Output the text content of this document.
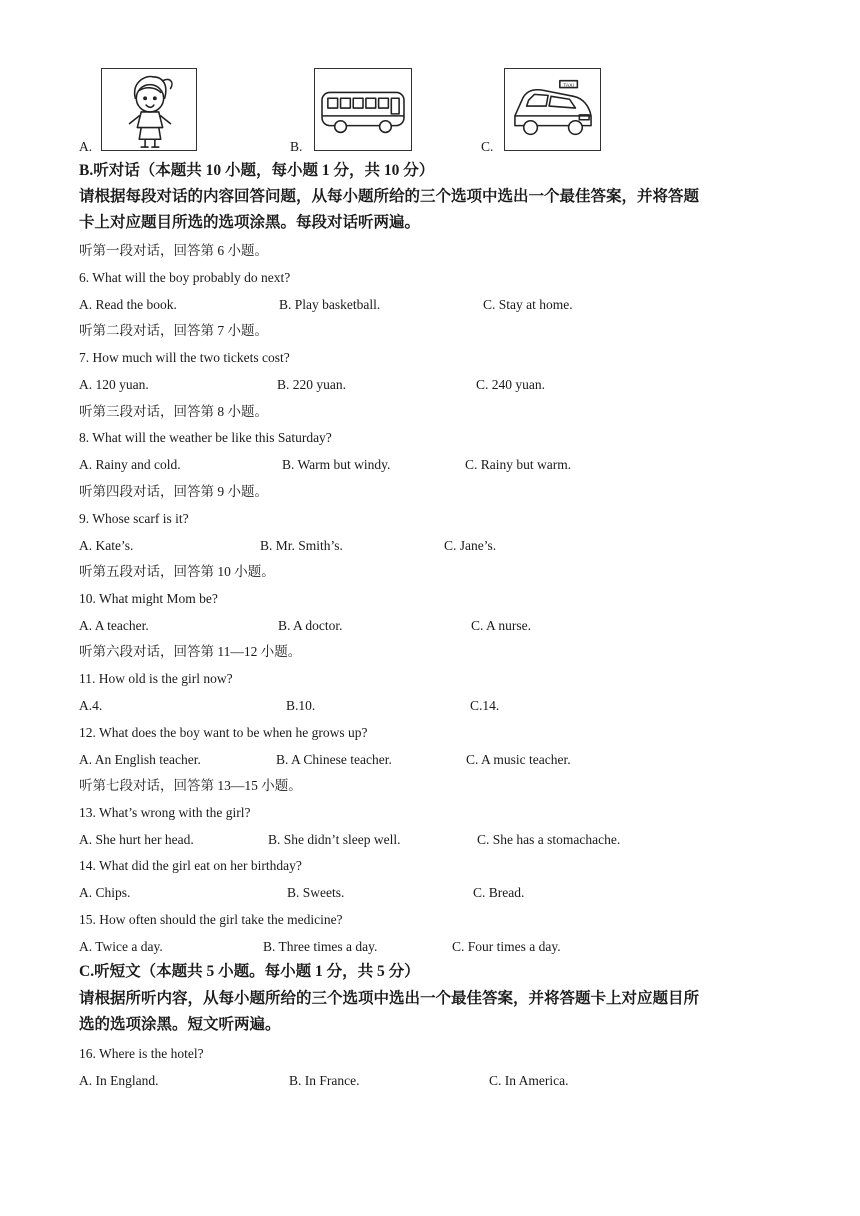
A.	B.	C.
TAXI
B.听对话（本题共 10 小题，每小题 1 分，共 10 分）
请根据每段对话的内容回答问题，从每小题所给的三个选项中选出一个最佳答案，并将答题
卡上对应题目所选的选项涂黑。每段对话听两遍。
听第一段对话，回答第 6 小题。
6. What will the boy probably do next?
A. Read the book.	B. Play basketball.	C. Stay at home.
听第二段对话，回答第 7 小题。
7. How much will the two tickets cost?
A. 120 yuan.	B. 220 yuan.	C. 240 yuan.
听第三段对话，回答第 8 小题。
8. What will the weather be like this Saturday?
A. Rainy and cold.	B. Warm but windy.	C. Rainy but warm.
听第四段对话，回答第 9 小题。
9. Whose scarf is it?
A. Kate’s.	B. Mr. Smith’s.	C. Jane’s.
听第五段对话，回答第 10 小题。
10. What might Mom be?
A. A teacher.	B. A doctor.	C. A nurse.
听第六段对话，回答第 11—12 小题。
11. How old is the girl now?
A.4.	B.10.	C.14.
12. What does the boy want to be when he grows up?
A. An English teacher.	B. A Chinese teacher.	C. A music teacher.
听第七段对话，回答第 13—15 小题。
13. What’s wrong with the girl?
A. She hurt her head.	B. She didn’t sleep well.	C. She has a stomachache.
14. What did the girl eat on her birthday?
A. Chips.	B. Sweets.	C. Bread.
15. How often should the girl take the medicine?
A. Twice a day.	B. Three times a day.	C. Four times a day.
C.听短文（本题共 5 小题。每小题 1 分，共 5 分）
请根据所听内容，从每小题所给的三个选项中选出一个最佳答案，并将答题卡上对应题目所
选的选项涂黑。短文听两遍。
16. Where is the hotel?
A. In England.	B. In France.	C. In America.
